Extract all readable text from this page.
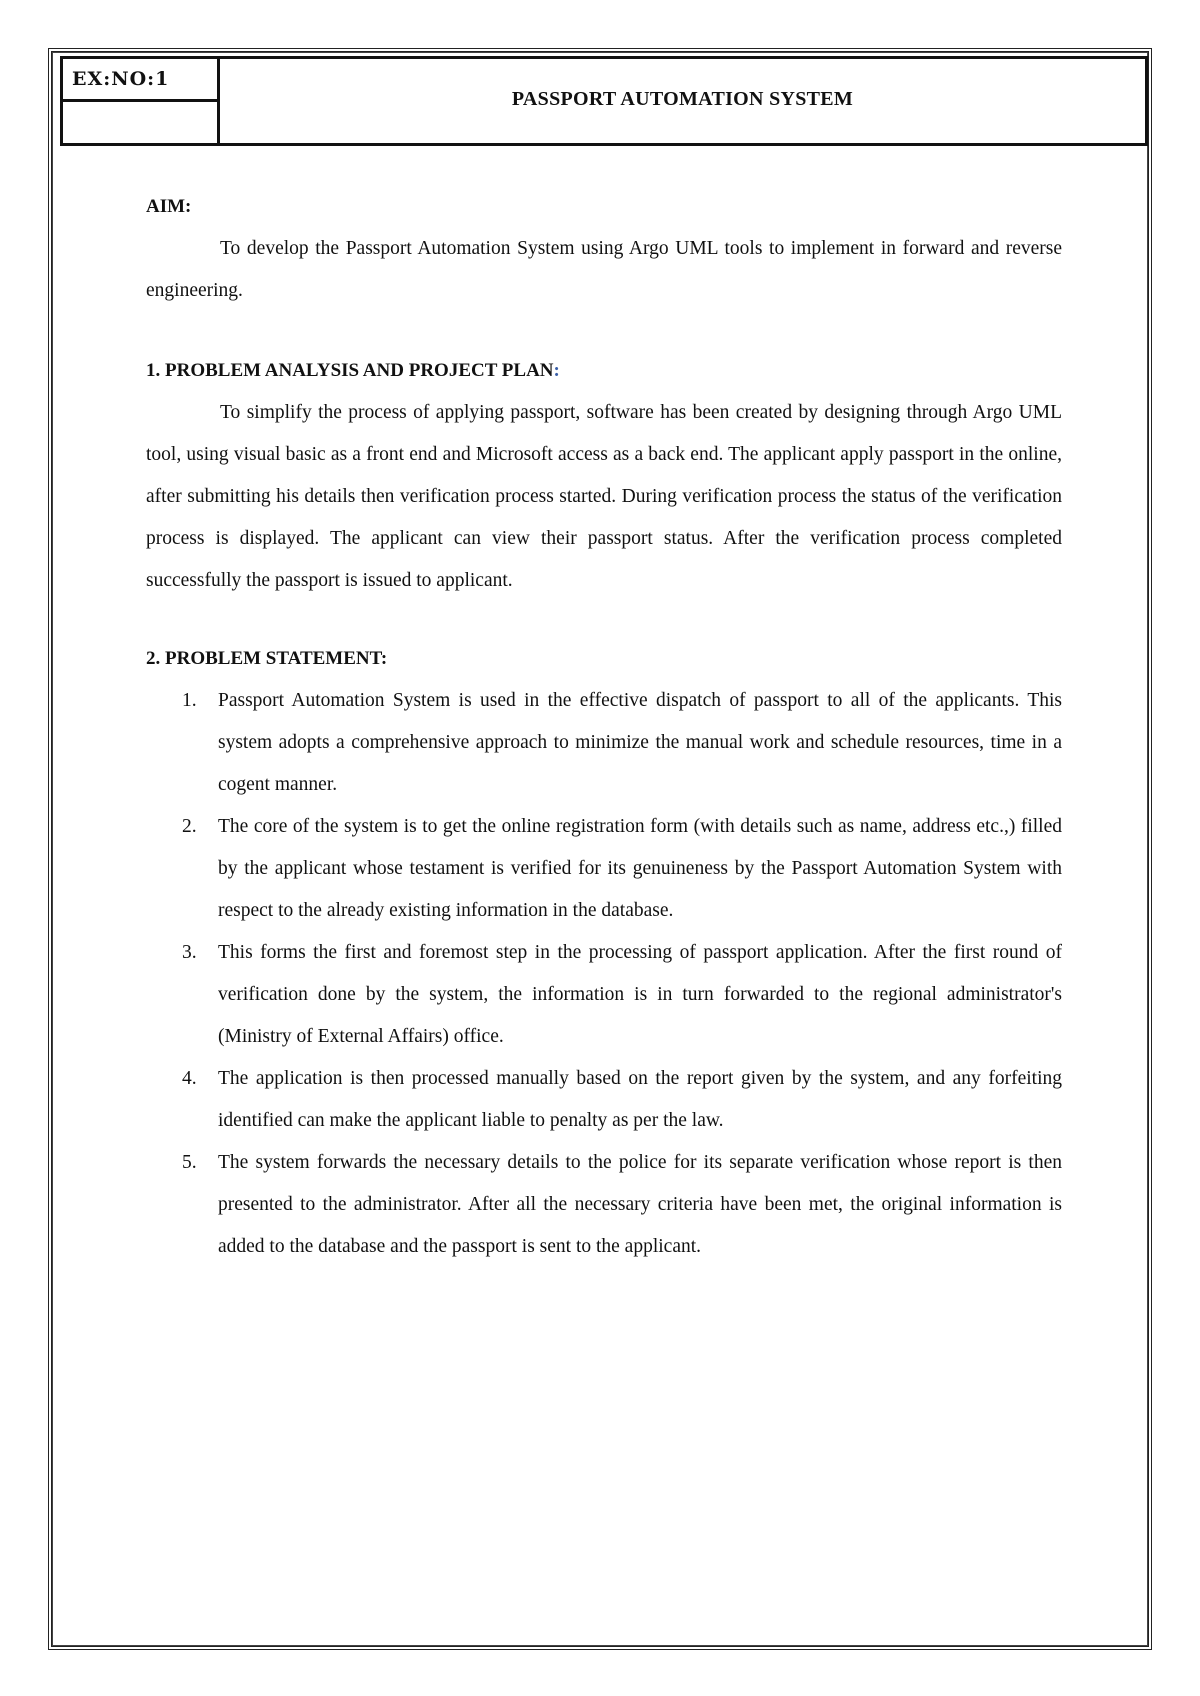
EX:NO:1
PASSPORT AUTOMATION SYSTEM

AIM:

To develop the Passport Automation System using Argo UML tools to implement in forward and reverse engineering.

1. PROBLEM ANALYSIS AND PROJECT PLAN:

To simplify the process of applying passport, software has been created by designing through Argo UML tool, using visual basic as a front end and Microsoft access as a back end. The applicant apply passport in the online, after submitting his details then verification process started. During verification process the status of the verification process is displayed. The applicant can view their passport status. After the verification process completed successfully the passport is issued to applicant.

2. PROBLEM STATEMENT:

1. Passport Automation System is used in the effective dispatch of passport to all of the applicants. This system adopts a comprehensive approach to minimize the manual work and schedule resources, time in a cogent manner.
2. The core of the system is to get the online registration form (with details such as name, address etc.,) filled by the applicant whose testament is verified for its genuineness by the Passport Automation System with respect to the already existing information in the database.
3. This forms the first and foremost step in the processing of passport application. After the first round of verification done by the system, the information is in turn forwarded to the regional administrator's (Ministry of External Affairs) office.
4. The application is then processed manually based on the report given by the system, and any forfeiting identified can make the applicant liable to penalty as per the law.
5. The system forwards the necessary details to the police for its separate verification whose report is then presented to the administrator. After all the necessary criteria have been met, the original information is added to the database and the passport is sent to the applicant.
